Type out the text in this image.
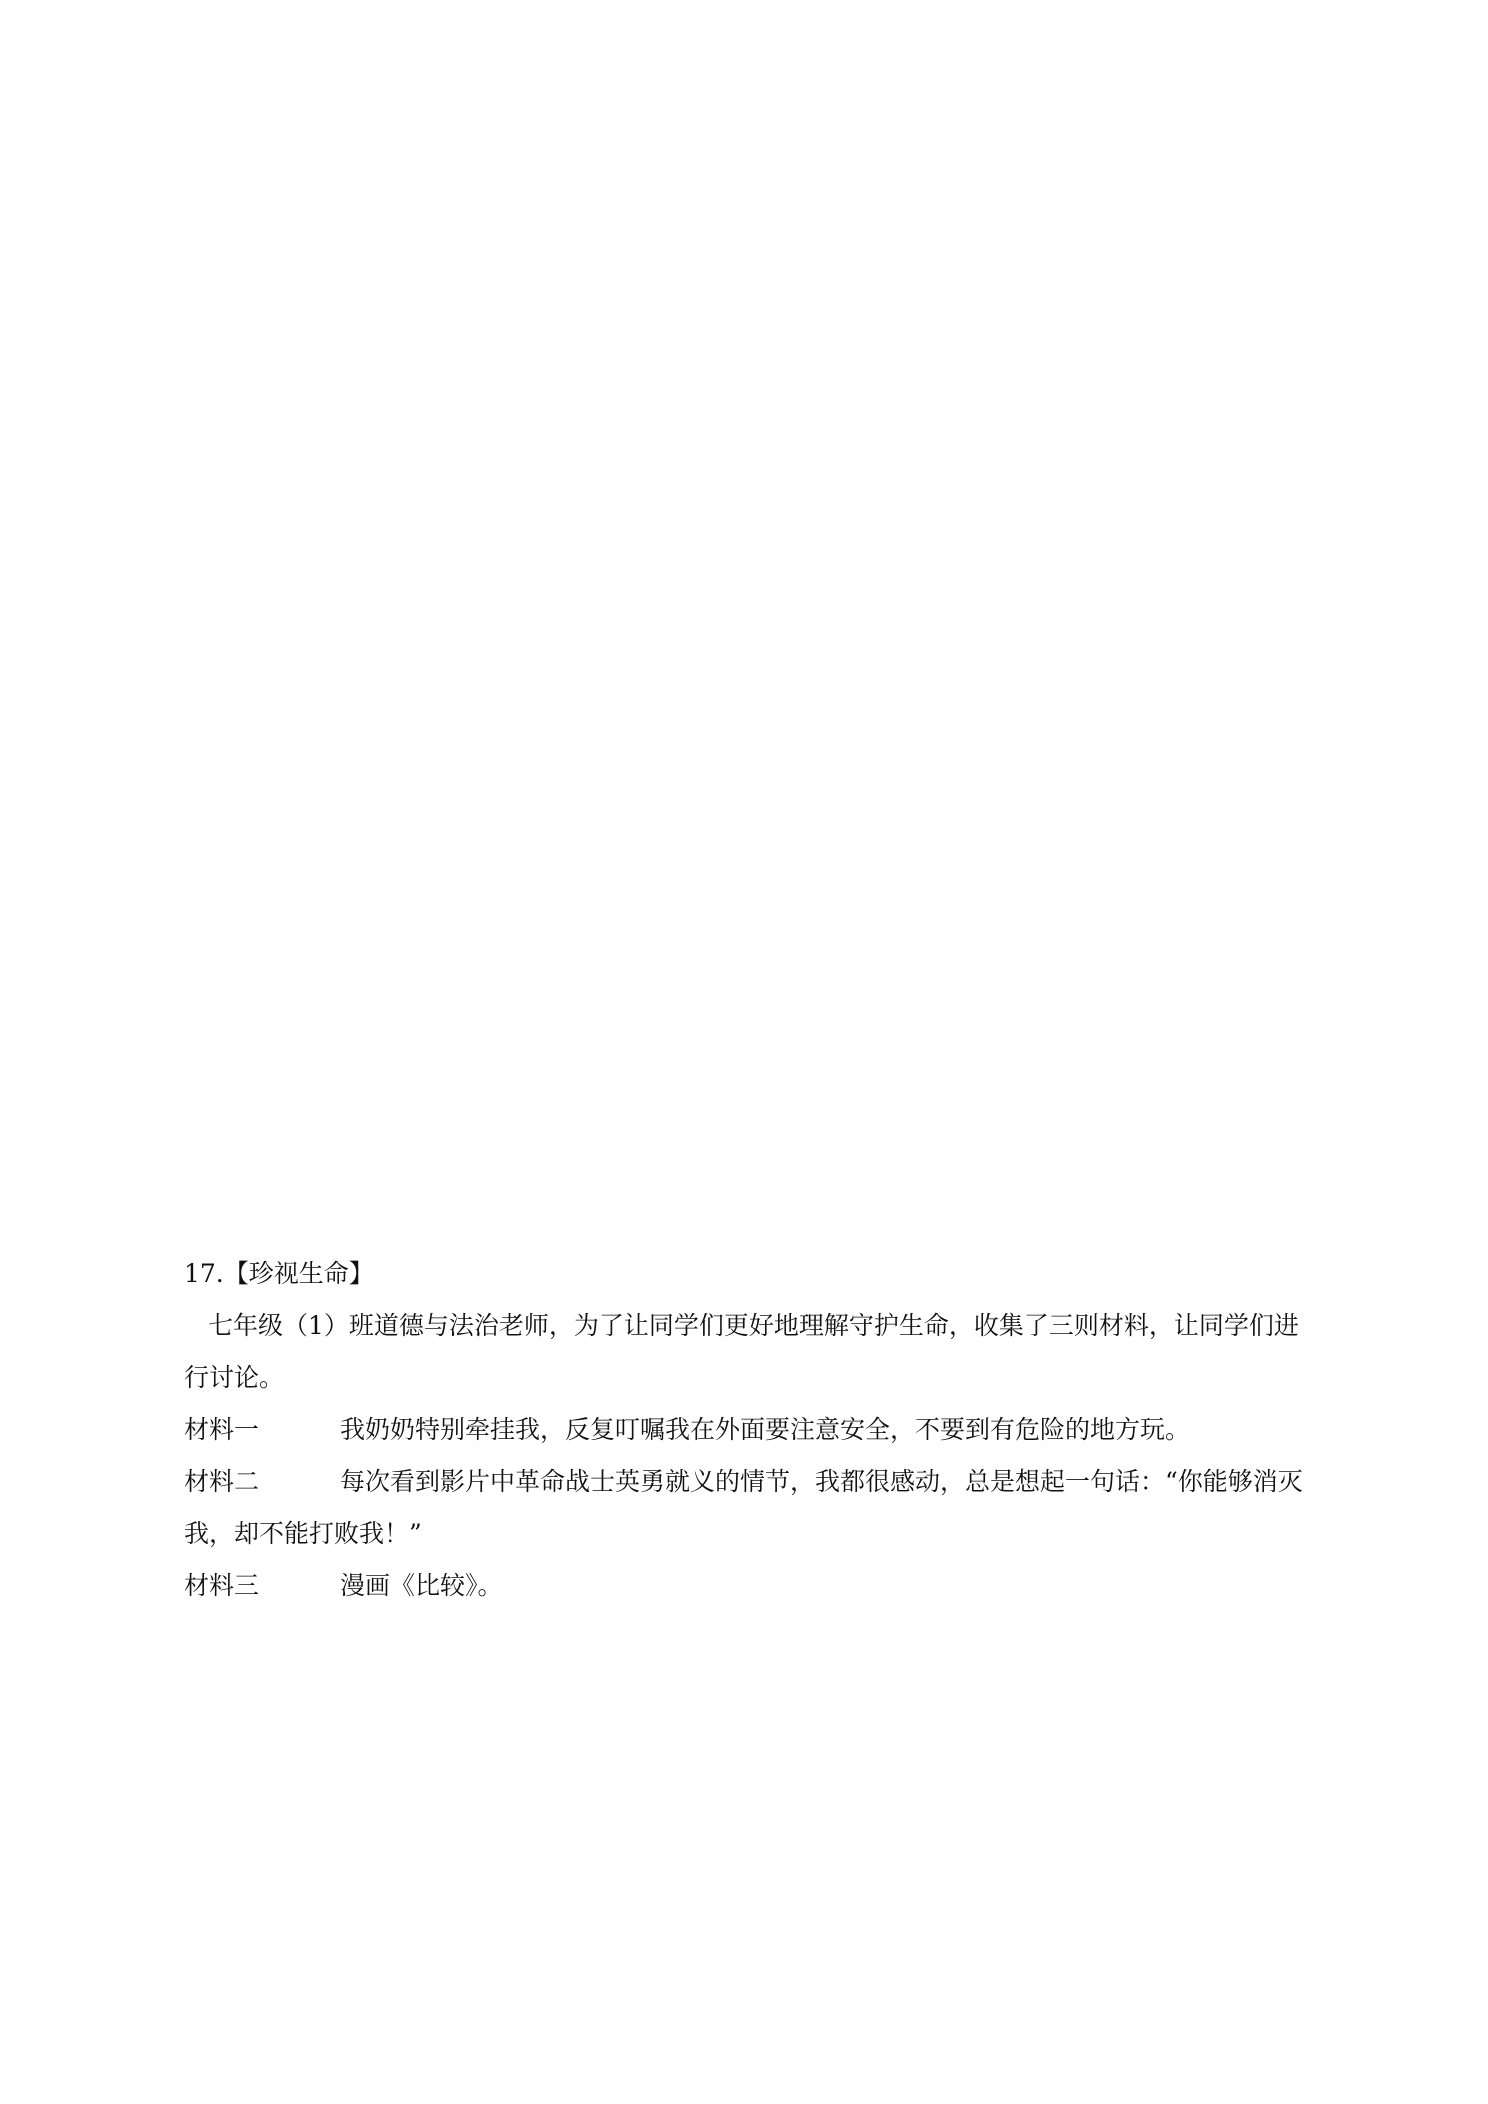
17.【珍视生命】

七年级（1）班道德与法治老师，为了让同学们更好地理解守护生命，收集了三则材料，让同学们进行讨论。

材料一	我奶奶特别牵挂我，反复叮嘱我在外面要注意安全，不要到有危险的地方玩。
材料二	每次看到影片中革命战士英勇就义的情节，我都很感动，总是想起一句话：“你能够消灭我，却不能打败我！”
材料三	漫画《比较》。
